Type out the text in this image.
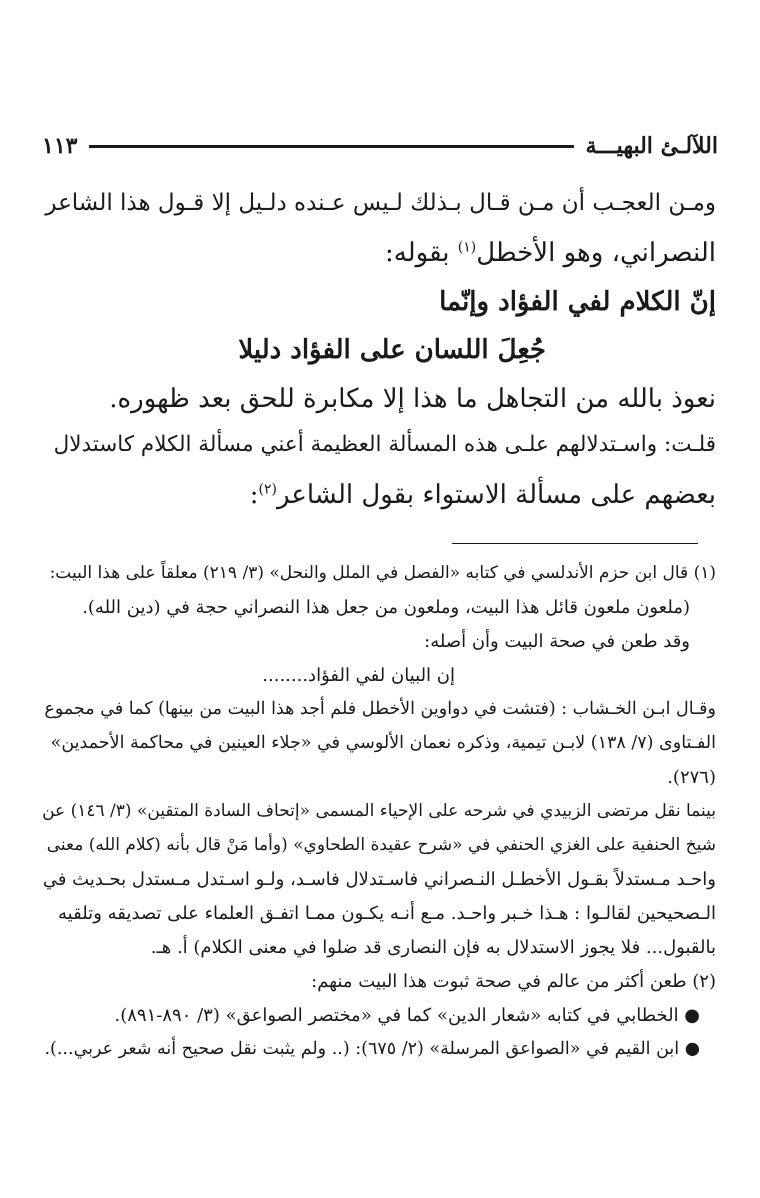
اللآلـئ البهيـــة
١١٣
ومـن العجـب أن مـن قـال بـذلك لـيس عـنده دلـيل إلا قـول هذا الشاعر
النصراني، وهو الأخطل$^{(١)}$ بقوله:
إنّ الكلام لفي الفؤاد وإنّما
جُعِلَ اللسان على الفؤاد دليلا
نعوذ بالله من التجاهل ما هذا إلا مكابرة للحق بعد ظهوره.
قلـت: واسـتدلالهم علـى هذه المسألة العظيمة أعني مسألة الكلام كاستدلال
بعضهم على مسألة الاستواء بقول الشاعر$^{(٢)}$:
(١) قال ابن حزم الأندلسي في كتابه «الفصل في الملل والنحل» (٣/ ٢١٩) معلقاً على هذا البيت:
(ملعون ملعون قائل هذا البيت، وملعون من جعل هذا النصراني حجة في (دين الله).
وقد طعن في صحة البيت وأن أصله:
إن البيان لفي الفؤاد........
وقـال ابـن الخـشاب : (فتشت في دواوين الأخطل فلم أجد هذا البيت من بينها) كما في مجموع
الفـتاوى (٧/ ١٣٨) لابـن تيمية، وذكره نعمان الألوسي في «جلاء العينين في محاكمة الأحمدين»
(٢٧٦).
بينما نقل مرتضى الزبيدي في شرحه على الإحياء المسمى «إتحاف السادة المتقين» (٣/ ١٤٦) عن
شيخ الحنفية على الغزي الحنفي في «شرح عقيدة الطحاوي» (وأما مَنْ قال بأنه (كلام الله) معنى
واحـد مـستدلاً بقـول الأخطـل النـصراني فاسـتدلال فاسـد، ولـو اسـتدل مـستدل بحـديث في
الـصحيحين لقالـوا : هـذا خـبر واحـد. مـع أنـه يكـون ممـا اتفـق العلماء على تصديقه وتلقيه
بالقبول... فلا يجوز الاستدلال به فإن النصارى قد ضلوا في معنى الكلام) أ. هـ.
(٢) طعن أكثر من عالم في صحة ثبوت هذا البيت منهم:
● الخطابي في كتابه «شعار الدين» كما في «مختصر الصواعق» (٣/ ٨٩٠-٨٩١).
● ابن القيم في «الصواعق المرسلة» (٢/ ٦٧٥): (.. ولم يثبت نقل صحيح أنه شعر عربي...).
